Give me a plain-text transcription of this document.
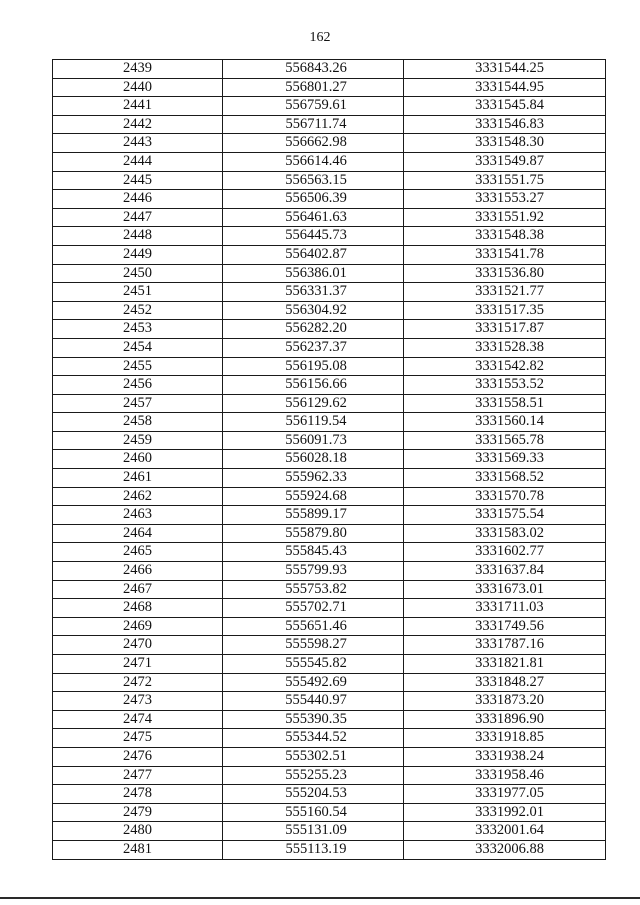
162
2439	556843.26	3331544.25
2440	556801.27	3331544.95
2441	556759.61	3331545.84
2442	556711.74	3331546.83
2443	556662.98	3331548.30
2444	556614.46	3331549.87
2445	556563.15	3331551.75
2446	556506.39	3331553.27
2447	556461.63	3331551.92
2448	556445.73	3331548.38
2449	556402.87	3331541.78
2450	556386.01	3331536.80
2451	556331.37	3331521.77
2452	556304.92	3331517.35
2453	556282.20	3331517.87
2454	556237.37	3331528.38
2455	556195.08	3331542.82
2456	556156.66	3331553.52
2457	556129.62	3331558.51
2458	556119.54	3331560.14
2459	556091.73	3331565.78
2460	556028.18	3331569.33
2461	555962.33	3331568.52
2462	555924.68	3331570.78
2463	555899.17	3331575.54
2464	555879.80	3331583.02
2465	555845.43	3331602.77
2466	555799.93	3331637.84
2467	555753.82	3331673.01
2468	555702.71	3331711.03
2469	555651.46	3331749.56
2470	555598.27	3331787.16
2471	555545.82	3331821.81
2472	555492.69	3331848.27
2473	555440.97	3331873.20
2474	555390.35	3331896.90
2475	555344.52	3331918.85
2476	555302.51	3331938.24
2477	555255.23	3331958.46
2478	555204.53	3331977.05
2479	555160.54	3331992.01
2480	555131.09	3332001.64
2481	555113.19	3332006.88
